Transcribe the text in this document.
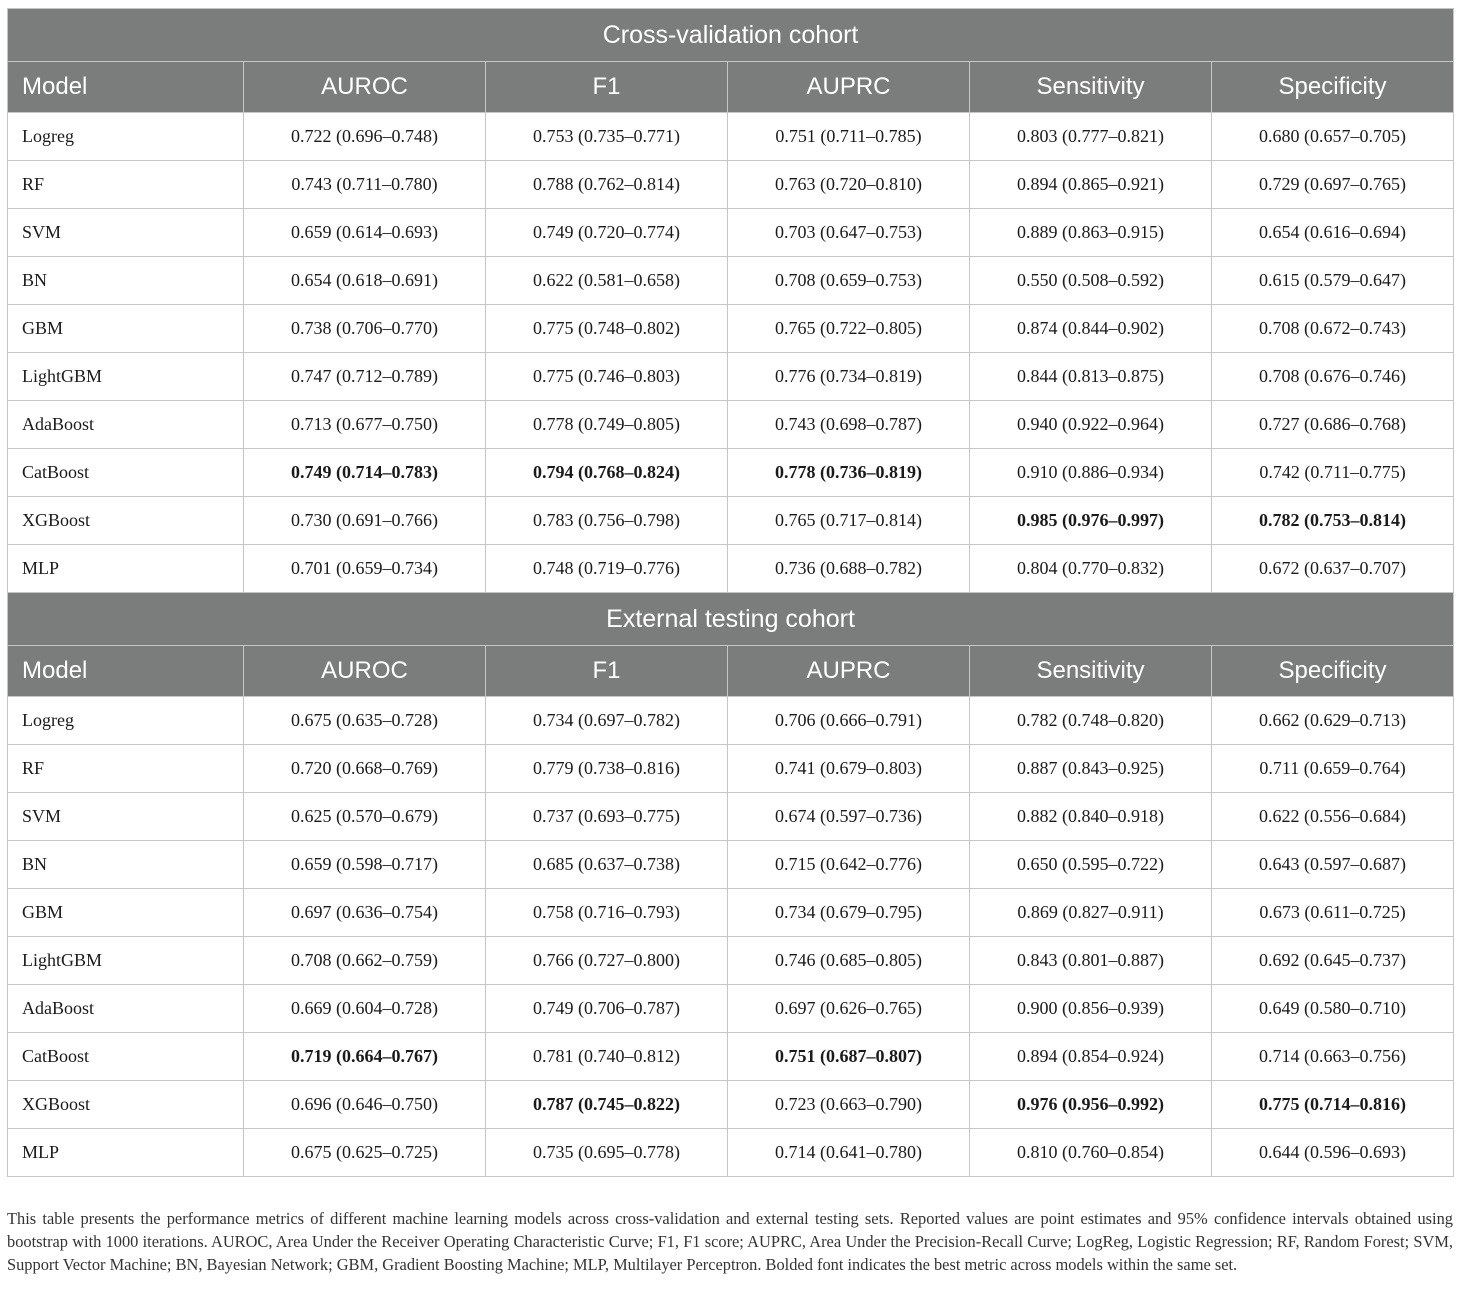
Cross-validation cohort					
Model	AUROC	F1	AUPRC	Sensitivity	Specificity
Logreg	0.722 (0.696–0.748)	0.753 (0.735–0.771)	0.751 (0.711–0.785)	0.803 (0.777–0.821)	0.680 (0.657–0.705)
RF	0.743 (0.711–0.780)	0.788 (0.762–0.814)	0.763 (0.720–0.810)	0.894 (0.865–0.921)	0.729 (0.697–0.765)
SVM	0.659 (0.614–0.693)	0.749 (0.720–0.774)	0.703 (0.647–0.753)	0.889 (0.863–0.915)	0.654 (0.616–0.694)
BN	0.654 (0.618–0.691)	0.622 (0.581–0.658)	0.708 (0.659–0.753)	0.550 (0.508–0.592)	0.615 (0.579–0.647)
GBM	0.738 (0.706–0.770)	0.775 (0.748–0.802)	0.765 (0.722–0.805)	0.874 (0.844–0.902)	0.708 (0.672–0.743)
LightGBM	0.747 (0.712–0.789)	0.775 (0.746–0.803)	0.776 (0.734–0.819)	0.844 (0.813–0.875)	0.708 (0.676–0.746)
AdaBoost	0.713 (0.677–0.750)	0.778 (0.749–0.805)	0.743 (0.698–0.787)	0.940 (0.922–0.964)	0.727 (0.686–0.768)
CatBoost	0.749 (0.714–0.783)	0.794 (0.768–0.824)	0.778 (0.736–0.819)	0.910 (0.886–0.934)	0.742 (0.711–0.775)
XGBoost	0.730 (0.691–0.766)	0.783 (0.756–0.798)	0.765 (0.717–0.814)	0.985 (0.976–0.997)	0.782 (0.753–0.814)
MLP	0.701 (0.659–0.734)	0.748 (0.719–0.776)	0.736 (0.688–0.782)	0.804 (0.770–0.832)	0.672 (0.637–0.707)
External testing cohort					
Model	AUROC	F1	AUPRC	Sensitivity	Specificity
Logreg	0.675 (0.635–0.728)	0.734 (0.697–0.782)	0.706 (0.666–0.791)	0.782 (0.748–0.820)	0.662 (0.629–0.713)
RF	0.720 (0.668–0.769)	0.779 (0.738–0.816)	0.741 (0.679–0.803)	0.887 (0.843–0.925)	0.711 (0.659–0.764)
SVM	0.625 (0.570–0.679)	0.737 (0.693–0.775)	0.674 (0.597–0.736)	0.882 (0.840–0.918)	0.622 (0.556–0.684)
BN	0.659 (0.598–0.717)	0.685 (0.637–0.738)	0.715 (0.642–0.776)	0.650 (0.595–0.722)	0.643 (0.597–0.687)
GBM	0.697 (0.636–0.754)	0.758 (0.716–0.793)	0.734 (0.679–0.795)	0.869 (0.827–0.911)	0.673 (0.611–0.725)
LightGBM	0.708 (0.662–0.759)	0.766 (0.727–0.800)	0.746 (0.685–0.805)	0.843 (0.801–0.887)	0.692 (0.645–0.737)
AdaBoost	0.669 (0.604–0.728)	0.749 (0.706–0.787)	0.697 (0.626–0.765)	0.900 (0.856–0.939)	0.649 (0.580–0.710)
CatBoost	0.719 (0.664–0.767)	0.781 (0.740–0.812)	0.751 (0.687–0.807)	0.894 (0.854–0.924)	0.714 (0.663–0.756)
XGBoost	0.696 (0.646–0.750)	0.787 (0.745–0.822)	0.723 (0.663–0.790)	0.976 (0.956–0.992)	0.775 (0.714–0.816)
MLP	0.675 (0.625–0.725)	0.735 (0.695–0.778)	0.714 (0.641–0.780)	0.810 (0.760–0.854)	0.644 (0.596–0.693)

This table presents the performance metrics of different machine learning models across cross-validation and external testing sets. Reported values are point estimates and 95% confidence intervals obtained using bootstrap with 1000 iterations. AUROC, Area Under the Receiver Operating Characteristic Curve; F1, F1 score; AUPRC, Area Under the Precision-Recall Curve; LogReg, Logistic Regression; RF, Random Forest; SVM, Support Vector Machine; BN, Bayesian Network; GBM, Gradient Boosting Machine; MLP, Multilayer Perceptron. Bolded font indicates the best metric across models within the same set.
